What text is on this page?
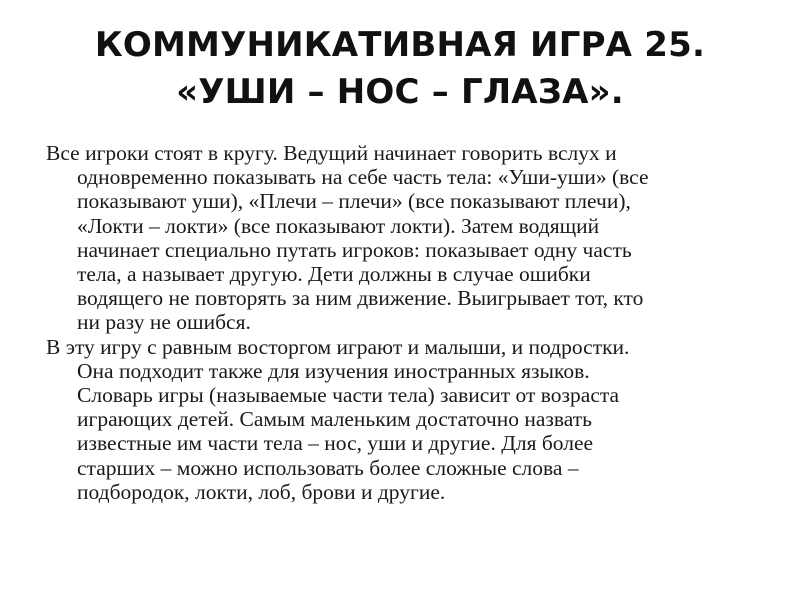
КОММУНИКАТИВНАЯ ИГРА 25.
«УШИ – НОС – ГЛАЗА».
Все игроки стоят в кругу. Ведущий начинает говорить вслух и
одновременно показывать на себе часть тела: «Уши-уши» (все
показывают уши), «Плечи – плечи» (все показывают плечи),
«Локти – локти» (все показывают локти). Затем водящий
начинает специально путать игроков: показывает одну часть
тела, а называет другую. Дети должны в случае ошибки
водящего не повторять за ним движение. Выигрывает тот, кто
ни разу не ошибся.
В эту игру с равным восторгом играют и малыши, и подростки.
Она подходит также для изучения иностранных языков.
Словарь игры (называемые части тела) зависит от возраста
играющих детей. Самым маленьким достаточно назвать
известные им части тела – нос, уши и другие. Для более
старших – можно использовать более сложные слова –
подбородок, локти, лоб, брови и другие.
